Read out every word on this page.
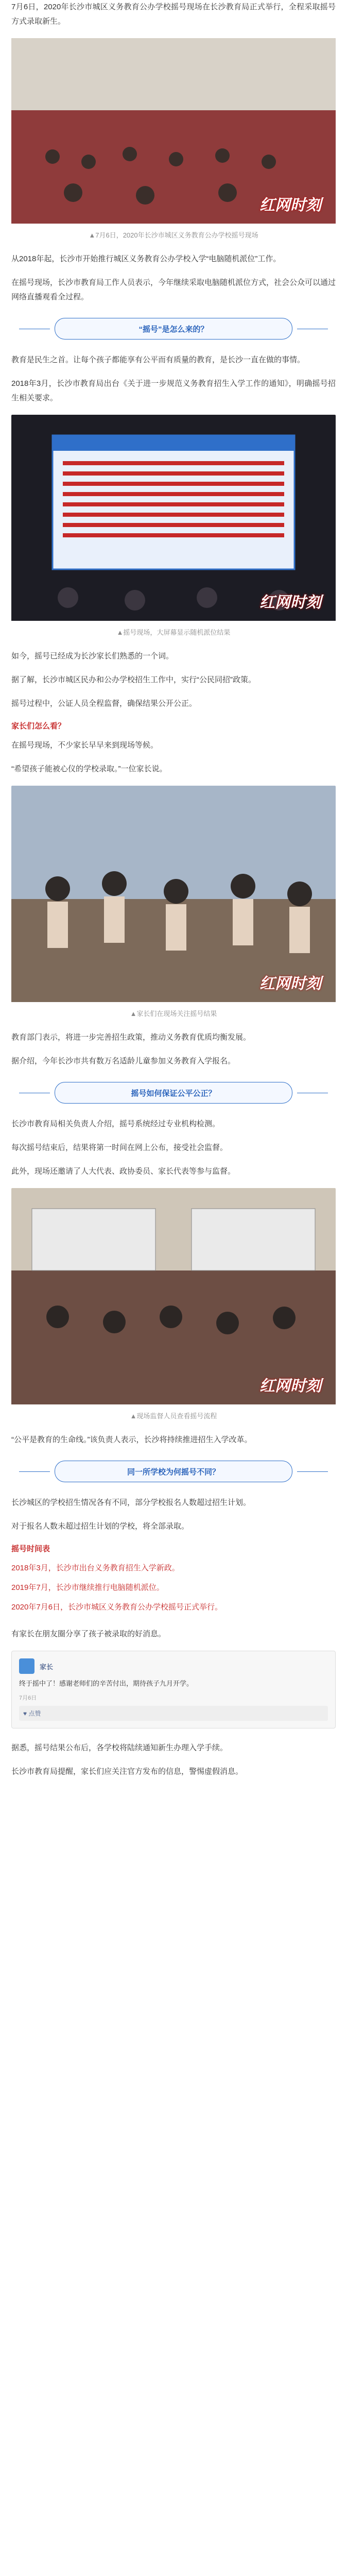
7月6日，2020年长沙市城区义务教育公办学校摇号现场在长沙教育局正式举行，全程采取摇号方式录取新生。

红网时刻
▲7月6日，2020年长沙市城区义务教育公办学校摇号现场

从2018年起，长沙市开始推行城区义务教育公办学校入学“电脑随机派位”工作。

在摇号现场，长沙市教育局工作人员表示，今年继续采取电脑随机派位方式，社会公众可以通过网络直播观看全过程。

“摇号”是怎么来的？

教育是民生之首。让每个孩子都能享有公平而有质量的教育，是长沙一直在做的事情。

2018年3月，长沙市教育局出台《关于进一步规范义务教育招生入学工作的通知》，明确摇号招生相关要求。

红网时刻
▲摇号现场，大屏幕显示随机派位结果

如今，摇号已经成为长沙家长们熟悉的一个词。

据了解，长沙市城区民办和公办学校招生工作中，实行“公民同招”政策。

摇号过程中，公证人员全程监督，确保结果公开公正。

家长们怎么看？

在摇号现场，不少家长早早来到现场等候。

“希望孩子能被心仪的学校录取。”一位家长说。

红网时刻
▲家长们在现场关注摇号结果

教育部门表示，将进一步完善招生政策，推动义务教育优质均衡发展。

据介绍，今年长沙市共有数万名适龄儿童参加义务教育入学报名。

摇号如何保证公平公正？

长沙市教育局相关负责人介绍，摇号系统经过专业机构检测。

每次摇号结束后，结果将第一时间在网上公布，接受社会监督。

此外，现场还邀请了人大代表、政协委员、家长代表等参与监督。

红网时刻
▲现场监督人员查看摇号流程

“公平是教育的生命线。”该负责人表示，长沙将持续推进招生入学改革。

同一所学校为何摇号不同？

长沙城区的学校招生情况各有不同，部分学校报名人数超过招生计划。

对于报名人数未超过招生计划的学校，将全部录取。

摇号时间表

2018年3月，长沙市出台义务教育招生入学新政。

2019年7月，长沙市继续推行电脑随机派位。

2020年7月6日，长沙市城区义务教育公办学校摇号正式举行。

有家长在朋友圈分享了孩子被录取的好消息。

家长
终于摇中了！感谢老师们的辛苦付出，期待孩子九月开学。
7月6日
♥ 点赞

据悉，摇号结果公布后，各学校将陆续通知新生办理入学手续。

长沙市教育局提醒，家长们应关注官方发布的信息，警惕虚假消息。
